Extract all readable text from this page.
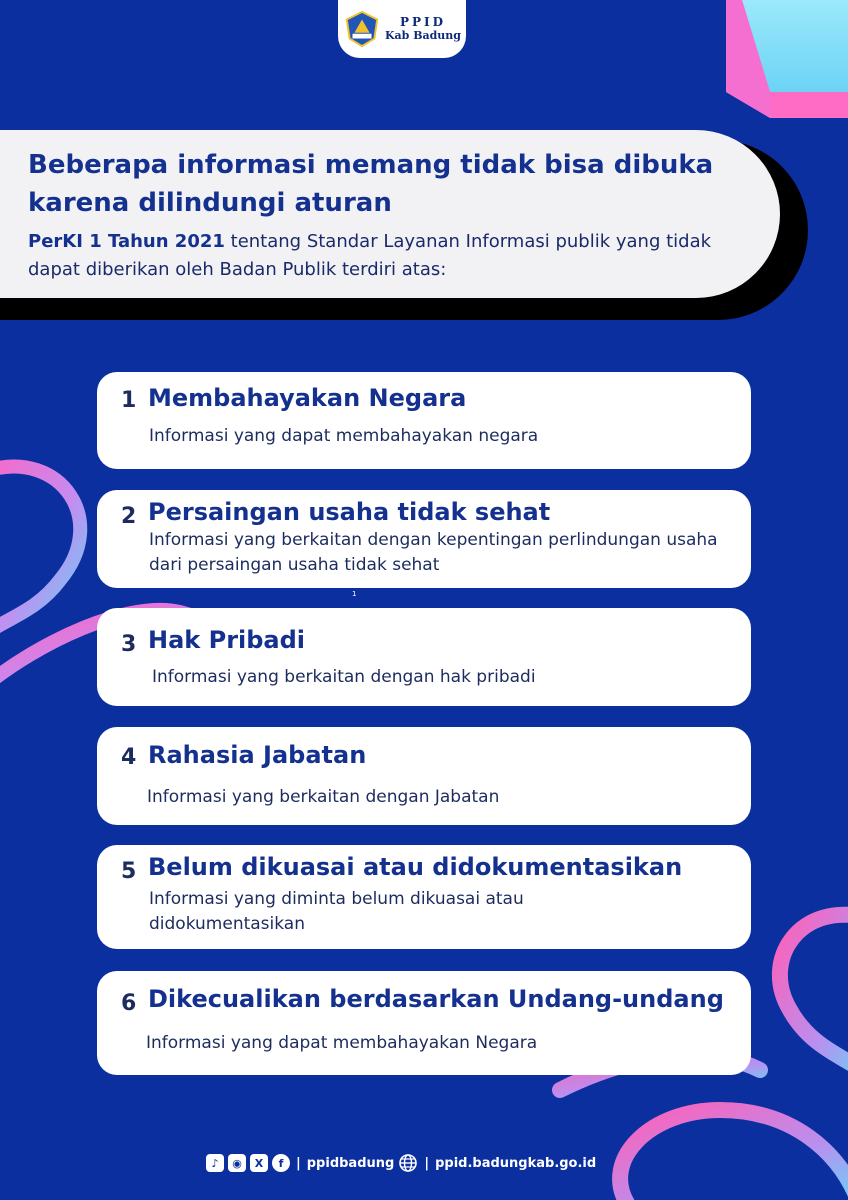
PPID
Kab Badung
Beberapa informasi memang tidak bisa dibuka karena dilindungi aturan

PerKI 1 Tahun 2021 tentang Standar Layanan Informasi publik yang tidak dapat diberikan oleh Badan Publik terdiri atas:

1 Membahayakan Negara
Informasi yang dapat membahayakan negara
2 Persaingan usaha tidak sehat
Informasi yang berkaitan dengan kepentingan perlindungan usaha dari persaingan usaha tidak sehat
1
3 Hak Pribadi
Informasi yang berkaitan dengan hak pribadi
4 Rahasia Jabatan
Informasi yang berkaitan dengan Jabatan
5 Belum dikuasai atau didokumentasikan
Informasi yang diminta belum dikuasai atau didokumentasikan
6 Dikecualikan berdasarkan Undang-undang
Informasi yang dapat membahayakan Negara
♪	◉	X	f | ppidbadung | ppid.badungkab.go.id
